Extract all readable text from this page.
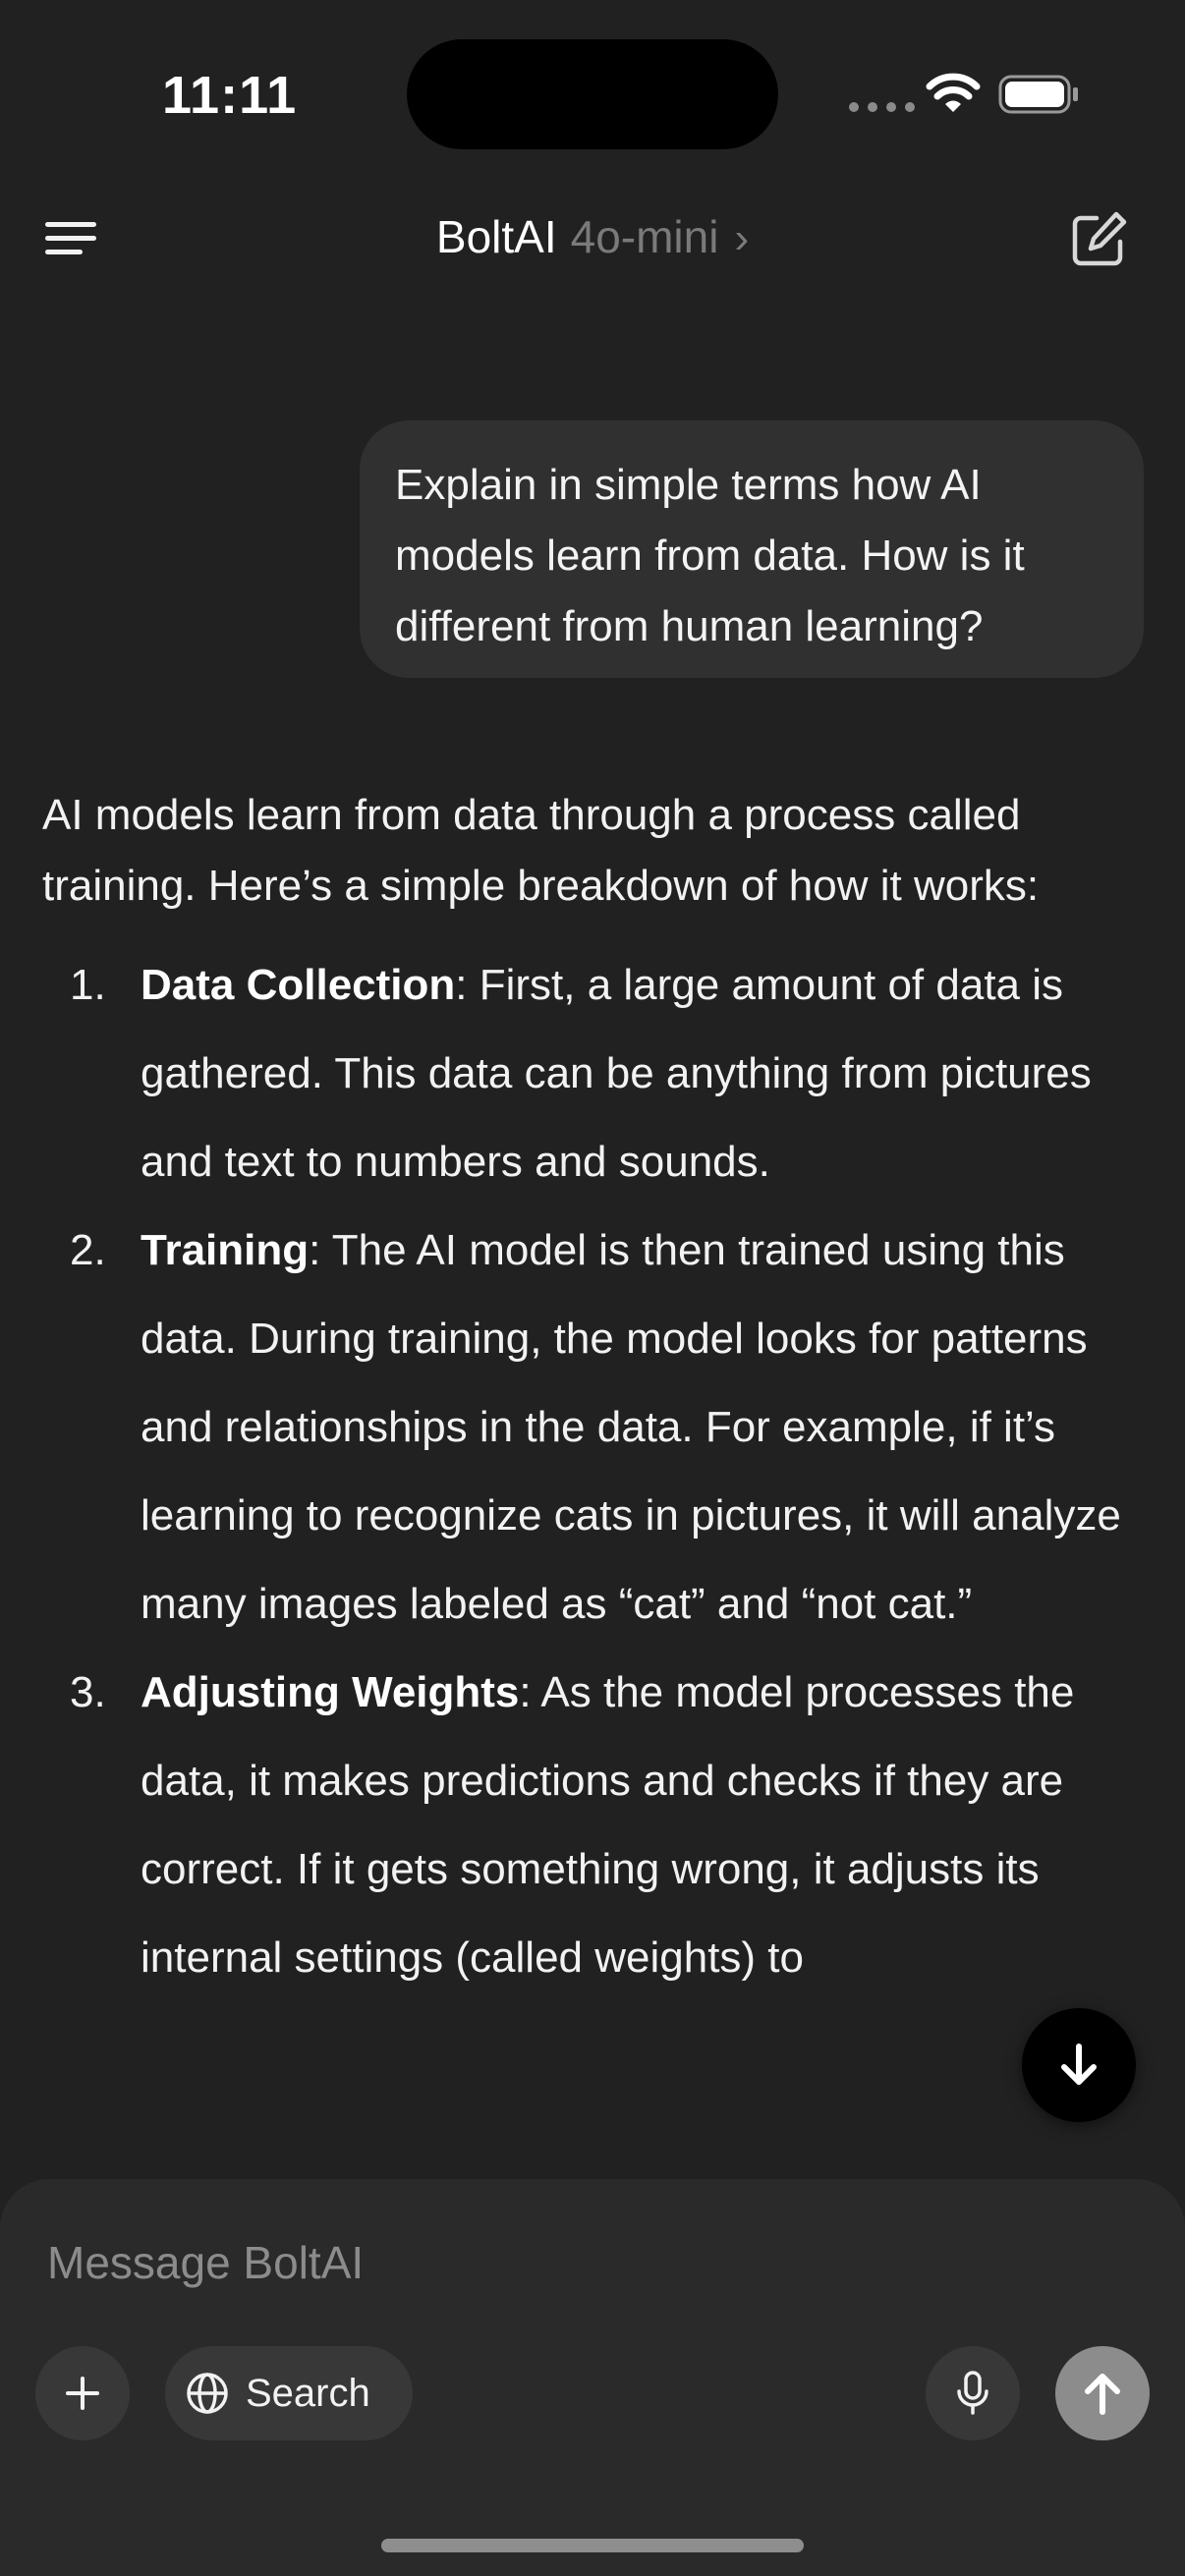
11:11
BoltAI 4o-mini ›
Explain in simple terms how AI models learn from data. How is it different from human learning?

AI models learn from data through a process called training. Here’s a simple breakdown of how it works:

1. Data Collection: First, a large amount of data is gathered. This data can be anything from pictures and text to numbers and sounds.
2. Training: The AI model is then trained using this data. During training, the model looks for patterns and relationships in the data. For example, if it’s learning to recognize cats in pictures, it will analyze many images labeled as “cat” and “not cat.”
3. Adjusting Weights: As the model processes the data, it makes predictions and checks if they are correct. If it gets something wrong, it adjusts its internal settings (called weights) to
Message BoltAI
Search
